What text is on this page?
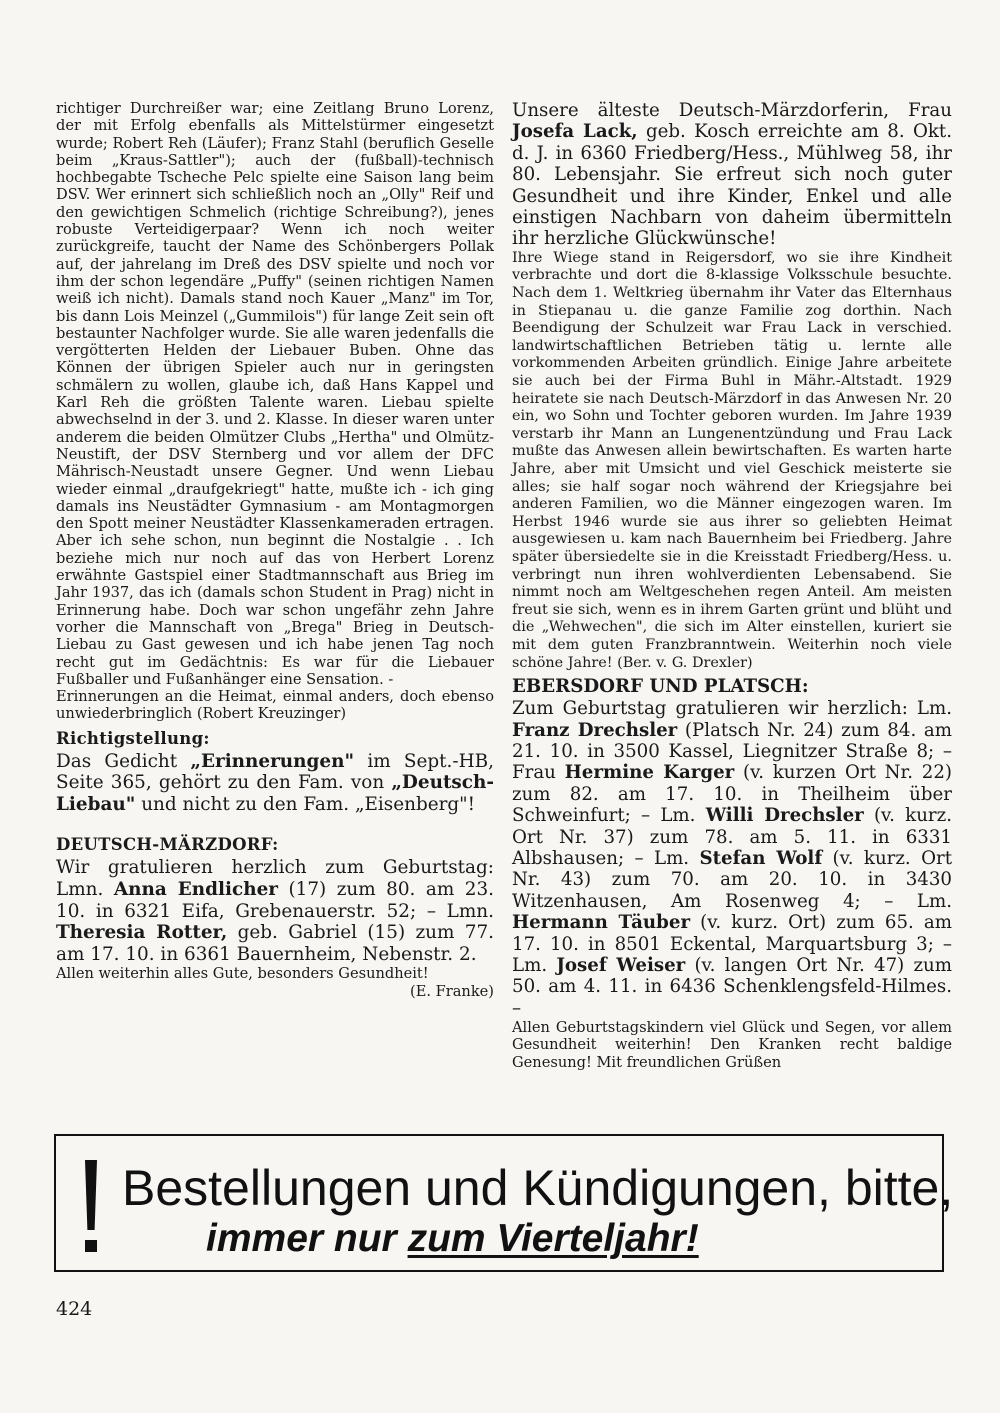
richtiger Durchreißer war; eine Zeitlang Bruno Lorenz, der mit Erfolg ebenfalls als Mittelstürmer eingesetzt wurde; Robert Reh (Läufer); Franz Stahl (beruflich Geselle beim „Kraus-Sattler"); auch der (fußball)-technisch hochbegabte Tscheche Pelc spielte eine Saison lang beim DSV. Wer erinnert sich schließlich noch an „Olly" Reif und den gewichtigen Schmelich (richtige Schreibung?), jenes robuste Verteidigerpaar? Wenn ich noch weiter zurückgreife, taucht der Name des Schönbergers Pollak auf, der jahrelang im Dreß des DSV spielte und noch vor ihm der schon legendäre „Puffy" (seinen richtigen Namen weiß ich nicht). Damals stand noch Kauer „Manz" im Tor, bis dann Lois Meinzel („Gummilois") für lange Zeit sein oft bestaunter Nachfolger wurde. Sie alle waren jedenfalls die vergötterten Helden der Liebauer Buben. Ohne das Können der übrigen Spieler auch nur in geringsten schmälern zu wollen, glaube ich, daß Hans Kappel und Karl Reh die größten Talente waren. Liebau spielte abwechselnd in der 3. und 2. Klasse. In dieser waren unter anderem die beiden Olmützer Clubs „Hertha" und Olmütz-Neustift, der DSV Sternberg und vor allem der DFC Mährisch-Neustadt unsere Gegner. Und wenn Liebau wieder einmal „draufgekriegt" hatte, mußte ich - ich ging damals ins Neustädter Gymnasium - am Montagmorgen den Spott meiner Neustädter Klassenkameraden ertragen. Aber ich sehe schon, nun beginnt die Nostalgie . . Ich beziehe mich nur noch auf das von Herbert Lorenz erwähnte Gastspiel einer Stadtmannschaft aus Brieg im Jahr 1937, das ich (damals schon Student in Prag) nicht in Erinnerung habe. Doch war schon ungefähr zehn Jahre vorher die Mannschaft von „Brega" Brieg in Deutsch-Liebau zu Gast gewesen und ich habe jenen Tag noch recht gut im Gedächtnis: Es war für die Liebauer Fußballer und Fußanhänger eine Sensation. -

Erinnerungen an die Heimat, einmal anders, doch ebenso unwiederbringlich (Robert Kreuzinger)

Richtigstellung:

Das Gedicht „Erinnerungen" im Sept.-HB, Seite 365, gehört zu den Fam. von „Deutsch-Liebau" und nicht zu den Fam. „Eisenberg"!

DEUTSCH-MÄRZDORF:

Wir gratulieren herzlich zum Geburtstag: Lmn. Anna Endlicher (17) zum 80. am 23. 10. in 6321 Eifa, Grebenauerstr. 52; – Lmn. Theresia Rotter, geb. Gabriel (15) zum 77. am 17. 10. in 6361 Bauernheim, Nebenstr. 2.

Allen weiterhin alles Gute, besonders Gesundheit!

(E. Franke)

Unsere älteste Deutsch-Märzdorferin, Frau Josefa Lack, geb. Kosch erreichte am 8. Okt. d. J. in 6360 Friedberg/Hess., Mühlweg 58, ihr 80. Lebensjahr. Sie erfreut sich noch guter Gesundheit und ihre Kinder, Enkel und alle einstigen Nachbarn von daheim übermitteln ihr herzliche Glückwünsche!

Ihre Wiege stand in Reigersdorf, wo sie ihre Kindheit verbrachte und dort die 8-klassige Volksschule besuchte. Nach dem 1. Weltkrieg übernahm ihr Vater das Elternhaus in Stiepanau u. die ganze Familie zog dorthin. Nach Beendigung der Schulzeit war Frau Lack in verschied. landwirtschaftlichen Betrieben tätig u. lernte alle vorkommenden Arbeiten gründlich. Einige Jahre arbeitete sie auch bei der Firma Buhl in Mähr.-Altstadt. 1929 heiratete sie nach Deutsch-Märzdorf in das Anwesen Nr. 20 ein, wo Sohn und Tochter geboren wurden. Im Jahre 1939 verstarb ihr Mann an Lungenentzündung und Frau Lack mußte das Anwesen allein bewirtschaften. Es warten harte Jahre, aber mit Umsicht und viel Geschick meisterte sie alles; sie half sogar noch während der Kriegsjahre bei anderen Familien, wo die Männer eingezogen waren. Im Herbst 1946 wurde sie aus ihrer so geliebten Heimat ausgewiesen u. kam nach Bauernheim bei Friedberg. Jahre später übersiedelte sie in die Kreisstadt Friedberg/Hess. u. verbringt nun ihren wohlverdienten Lebensabend. Sie nimmt noch am Weltgeschehen regen Anteil. Am meisten freut sie sich, wenn es in ihrem Garten grünt und blüht und die „Wehwechen", die sich im Alter einstellen, kuriert sie mit dem guten Franzbranntwein. Weiterhin noch viele schöne Jahre! (Ber. v. G. Drexler)

EBERSDORF UND PLATSCH:

Zum Geburtstag gratulieren wir herzlich: Lm. Franz Drechsler (Platsch Nr. 24) zum 84. am 21. 10. in 3500 Kassel, Liegnitzer Straße 8; – Frau Hermine Karger (v. kurzen Ort Nr. 22) zum 82. am 17. 10. in Theilheim über Schweinfurt; – Lm. Willi Drechsler (v. kurz. Ort Nr. 37) zum 78. am 5. 11. in 6331 Albshausen; – Lm. Stefan Wolf (v. kurz. Ort Nr. 43) zum 70. am 20. 10. in 3430 Witzenhausen, Am Rosenweg 4; – Lm. Hermann Täuber (v. kurz. Ort) zum 65. am 17. 10. in 8501 Eckental, Marquartsburg 3; – Lm. Josef Weiser (v. langen Ort Nr. 47) zum 50. am 4. 11. in 6436 Schenklengsfeld-Hilmes. –

Allen Geburtstagskindern viel Glück und Segen, vor allem Gesundheit weiterhin! Den Kranken recht baldige Genesung! Mit freundlichen Grüßen

Bestellungen und Kündigungen, bitte,
immer nur zum Vierteljahr!
424
